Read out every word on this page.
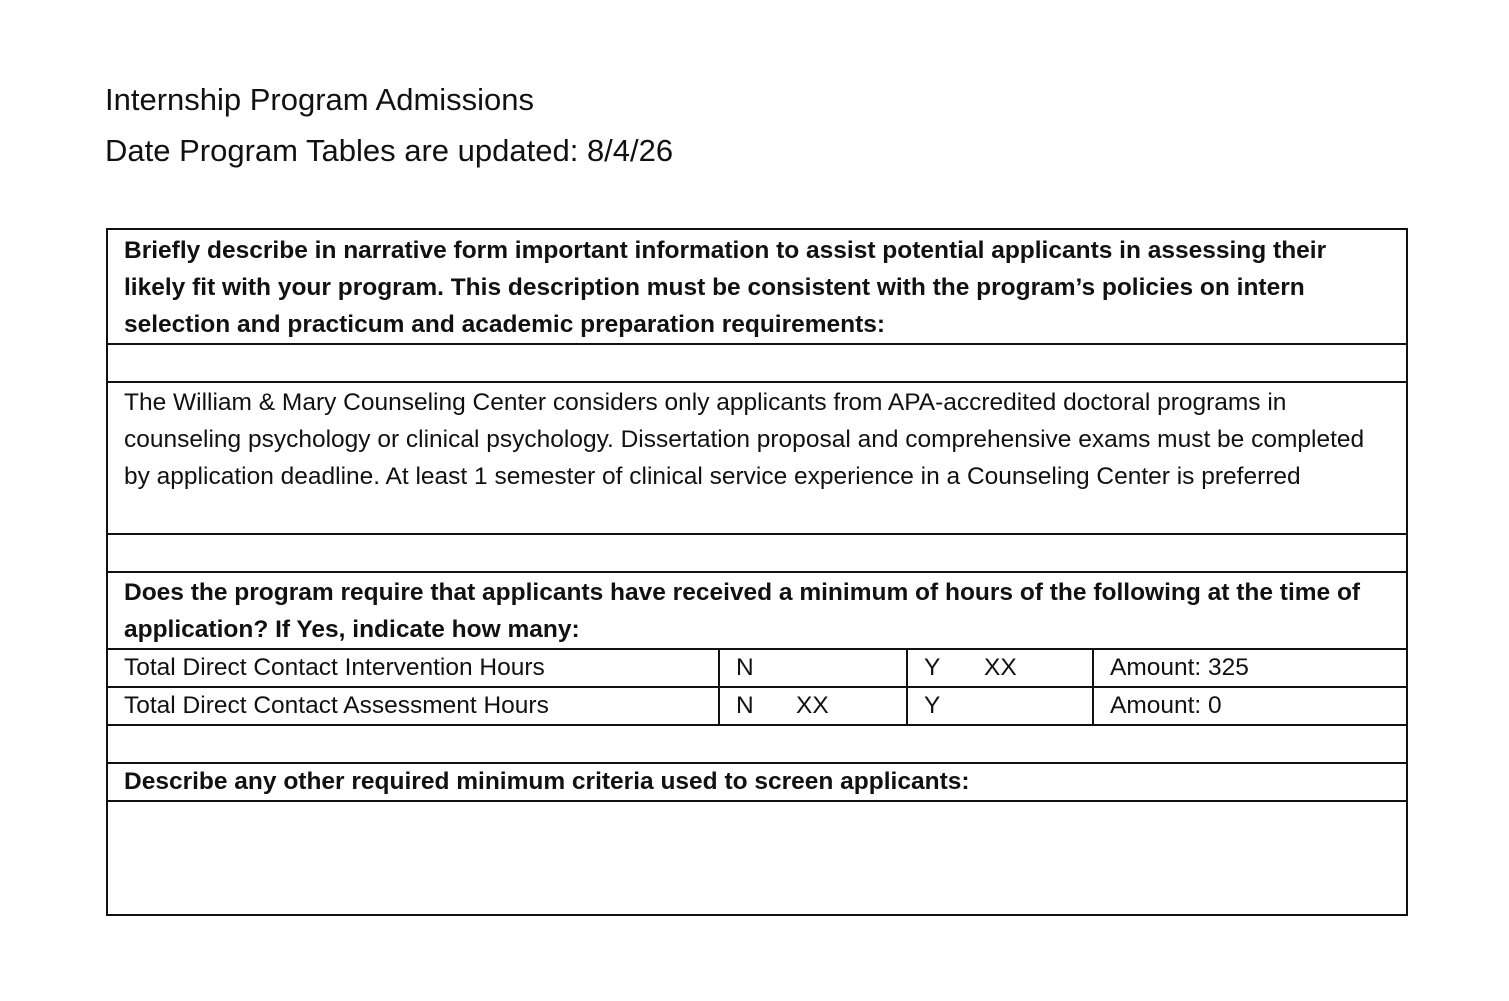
Internship Program Admissions
Date Program Tables are updated: 8/4/26
Briefly describe in narrative form important information to assist potential applicants in assessing their likely fit with your program. This description must be consistent with the program’s policies on intern selection and practicum and academic preparation requirements:			

The William & Mary Counseling Center considers only applicants from APA-accredited doctoral programs in counseling psychology or clinical psychology. Dissertation proposal and comprehensive exams must be completed by application deadline. At least 1 semester of clinical service experience in a Counseling Center is preferred			

Does the program require that applicants have received a minimum of hours of the following at the time of application? If Yes, indicate how many:			
Total Direct Contact Intervention Hours	N	Y XX	Amount: 325
Total Direct Contact Assessment Hours	N XX	Y	Amount: 0

Describe any other required minimum criteria used to screen applicants:			
